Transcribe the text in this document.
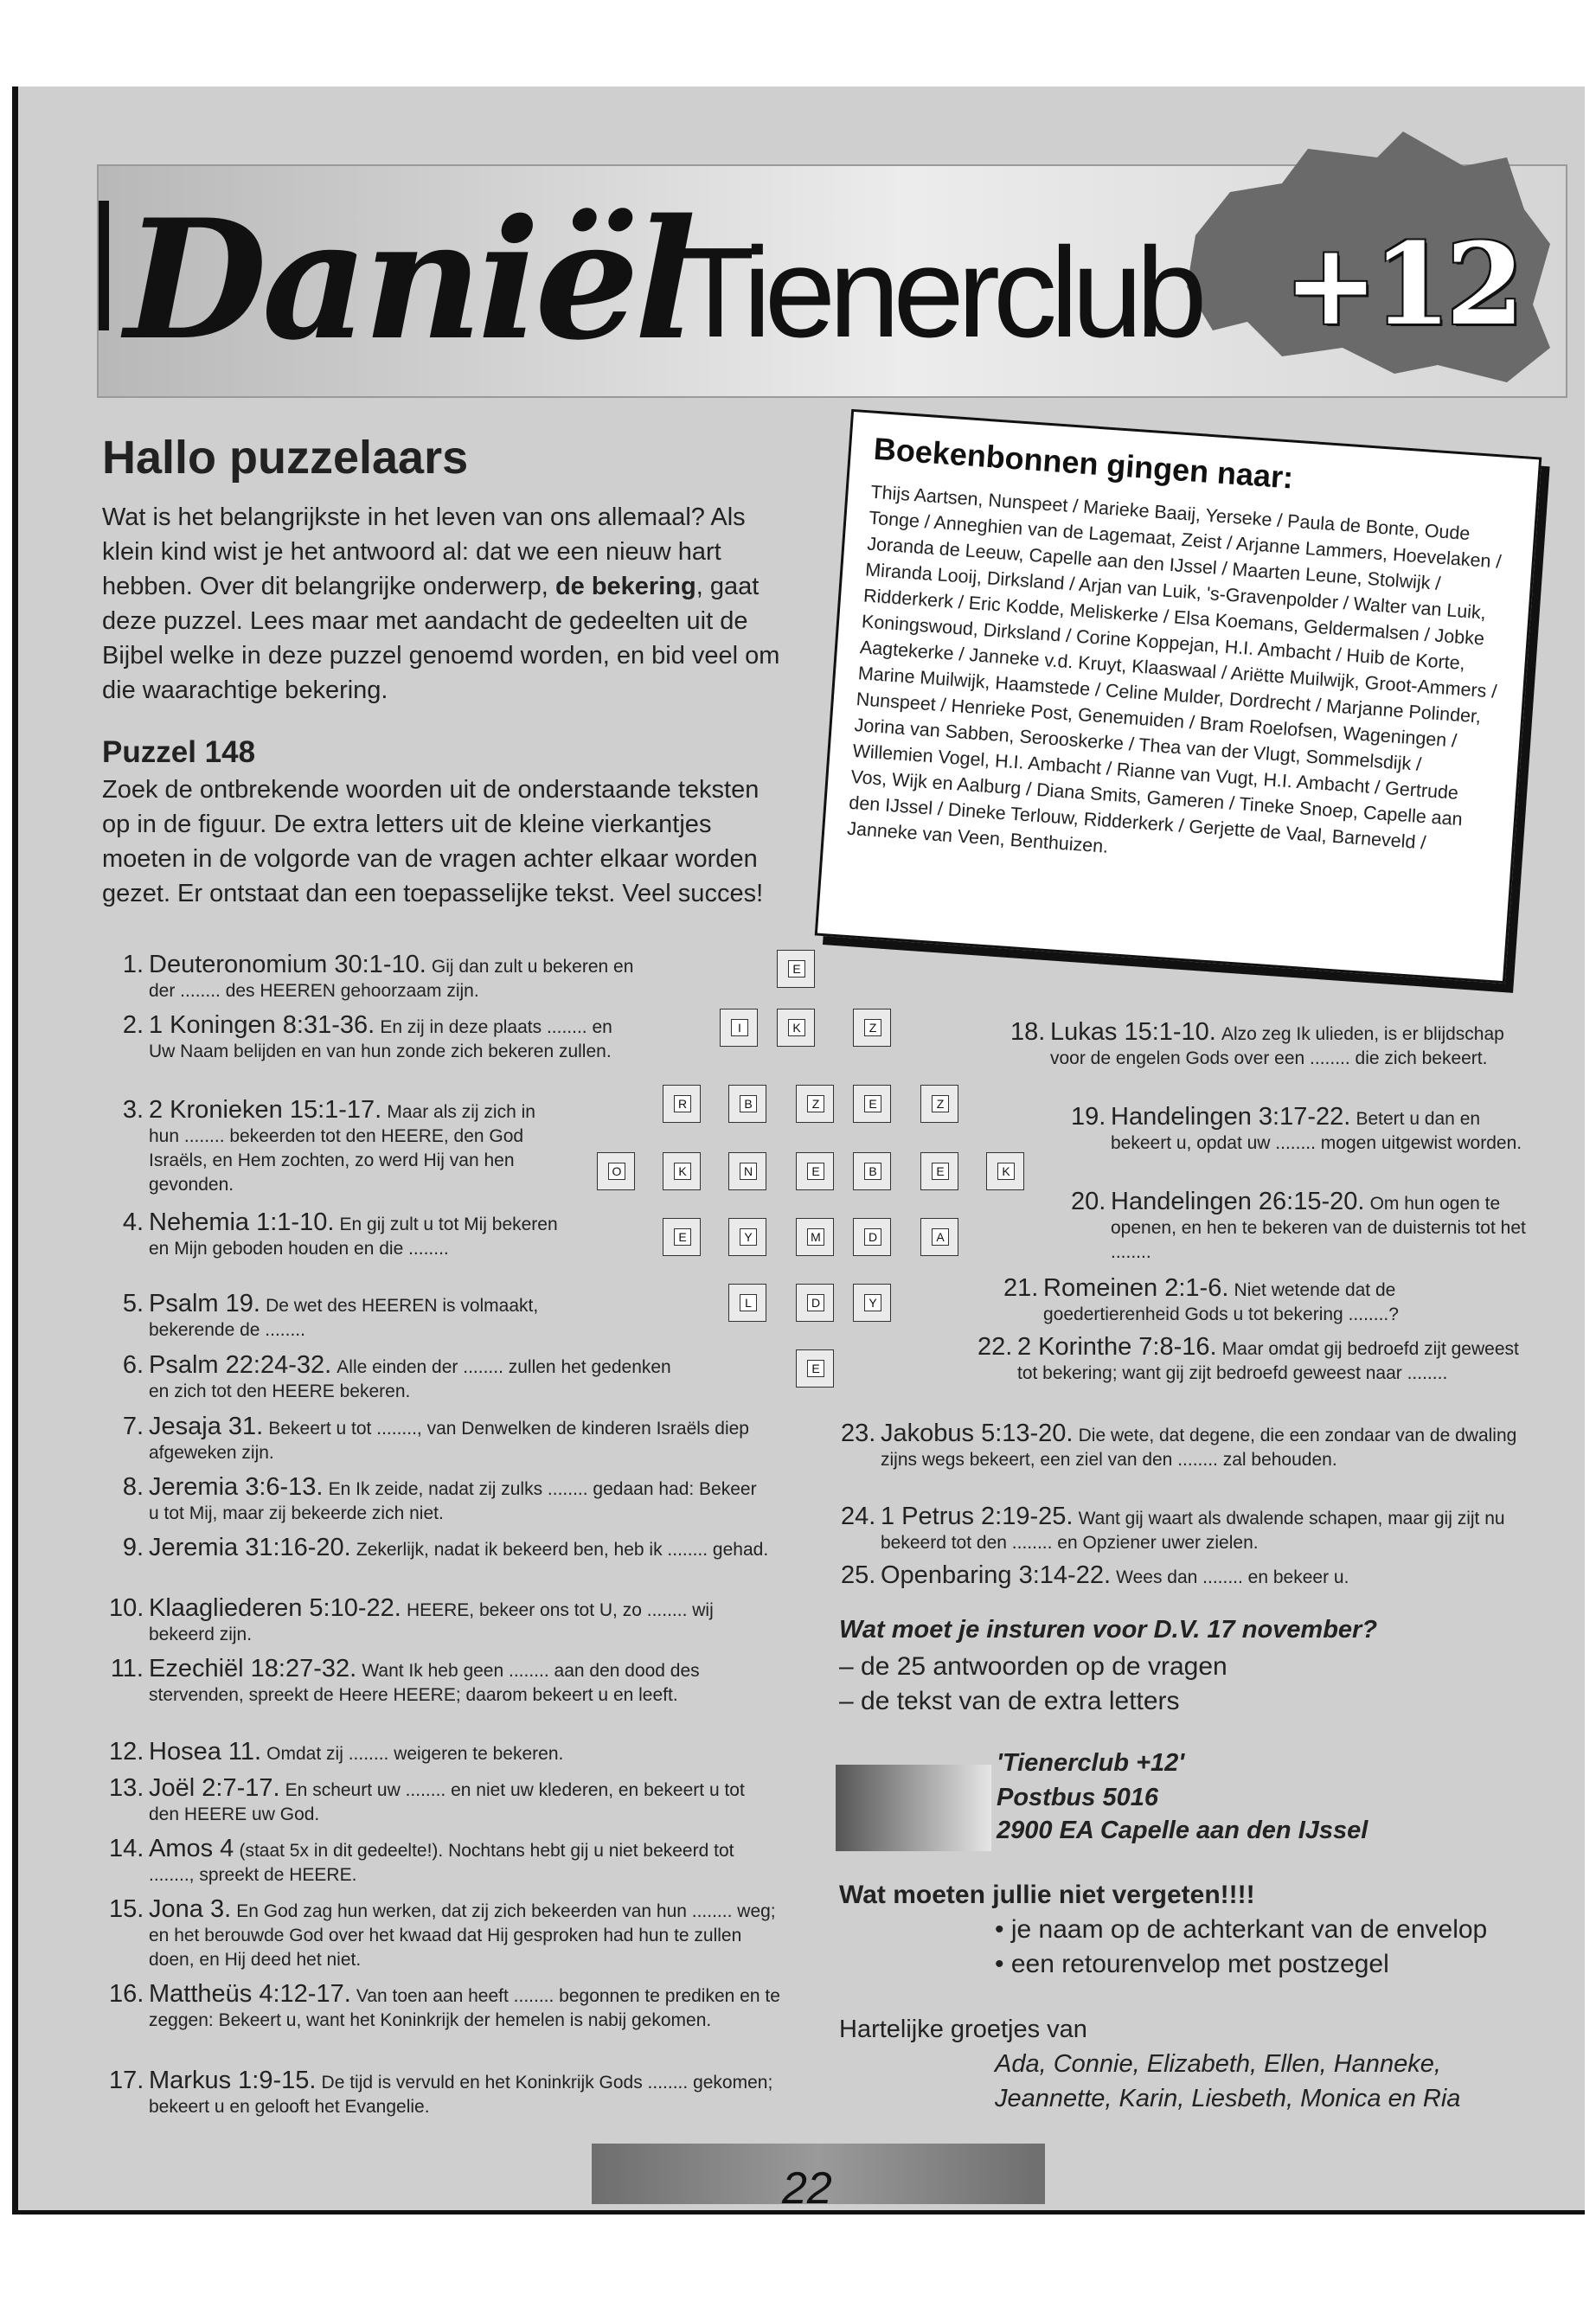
Daniël
Tienerclub +12
Hallo puzzelaars
Wat is het belangrijkste in het leven van ons allemaal? Als klein kind wist je het antwoord al: dat we een nieuw hart hebben. Over dit belangrijke onderwerp, de bekering, gaat deze puzzel. Lees maar met aandacht de gedeelten uit de Bijbel welke in deze puzzel genoemd worden, en bid veel om die waarachtige bekering.
Puzzel 148
Zoek de ontbrekende woorden uit de onderstaande teksten op in de figuur. De extra letters uit de kleine vierkantjes moeten in de volgorde van de vragen achter elkaar worden gezet. Er ontstaat dan een toepasselijke tekst. Veel succes!
Boekenbonnen gingen naar:
Thijs Aartsen, Nunspeet / Marieke Baaij, Yerseke / Paula de Bonte, Oude Tonge / Anneghien van de Lagemaat, Zeist / Arjanne Lammers, Hoevelaken / Joranda de Leeuw, Capelle aan den IJssel / Maarten Leune, Stolwijk / Miranda Looij, Dirksland / Arjan van Luik, 's-Gravenpolder / Walter van Luik, Ridderkerk / Eric Kodde, Meliskerke / Elsa Koemans, Geldermalsen / Jobke Koningswoud, Dirksland / Corine Koppejan, H.I. Ambacht / Huib de Korte, Aagtekerke / Janneke v.d. Kruyt, Klaaswaal / Ariëtte Muilwijk, Groot-Ammers / Marine Muilwijk, Haamstede / Celine Mulder, Dordrecht / Marjanne Polinder, Nunspeet / Henrieke Post, Genemuiden / Bram Roelofsen, Wageningen / Jorina van Sabben, Serooskerke / Thea van der Vlugt, Sommelsdijk / Willemien Vogel, H.I. Ambacht / Rianne van Vugt, H.I. Ambacht / Gertrude Vos, Wijk en Aalburg / Diana Smits, Gameren / Tineke Snoep, Capelle aan den IJssel / Dineke Terlouw, Ridderkerk / Gerjette de Vaal, Barneveld / Janneke van Veen, Benthuizen.
1. Deuteronomium 30:1-10. Gij dan zult u bekeren en der ........ des HEEREN gehoorzaam zijn.
2. 1 Koningen 8:31-36. En zij in deze plaats ........ en Uw Naam belijden en van hun zonde zich bekeren zullen.
3. 2 Kronieken 15:1-17. Maar als zij zich in hun ........ bekeerden tot den HEERE, den God Israëls, en Hem zochten, zo werd Hij van hen gevonden.
4. Nehemia 1:1-10. En gij zult u tot Mij bekeren en Mijn geboden houden en die ........
5. Psalm 19. De wet des HEEREN is volmaakt, bekerende de ........
6. Psalm 22:24-32. Alle einden der ........ zullen het gedenken en zich tot den HEERE bekeren.
7. Jesaja 31. Bekeert u tot ........, van Denwelken de kinderen Israëls diep afgeweken zijn.
8. Jeremia 3:6-13. En Ik zeide, nadat zij zulks ........ gedaan had: Bekeer u tot Mij, maar zij bekeerde zich niet.
9. Jeremia 31:16-20. Zekerlijk, nadat ik bekeerd ben, heb ik ........ gehad.
10. Klaagliederen 5:10-22. HEERE, bekeer ons tot U, zo ........ wij bekeerd zijn.
11. Ezechiël 18:27-32. Want Ik heb geen ........ aan den dood des stervenden, spreekt de Heere HEERE; daarom bekeert u en leeft.
12. Hosea 11. Omdat zij ........ weigeren te bekeren.
13. Joël 2:7-17. En scheurt uw ........ en niet uw klederen, en bekeert u tot den HEERE uw God.
14. Amos 4 (staat 5x in dit gedeelte!). Nochtans hebt gij u niet bekeerd tot ........, spreekt de HEERE.
15. Jona 3. En God zag hun werken, dat zij zich bekeerden van hun ........ weg; en het berouwde God over het kwaad dat Hij gesproken had hun te zullen doen, en Hij deed het niet.
16. Mattheüs 4:12-17. Van toen aan heeft ........ begonnen te prediken en te zeggen: Bekeert u, want het Koninkrijk der hemelen is nabij gekomen.
17. Markus 1:9-15. De tijd is vervuld en het Koninkrijk Gods ........ gekomen; bekeert u en gelooft het Evangelie.
18. Lukas 15:1-10. Alzo zeg Ik ulieden, is er blijdschap voor de engelen Gods over een ........ die zich bekeert.
19. Handelingen 3:17-22. Betert u dan en bekeert u, opdat uw ........ mogen uitgewist worden.
20. Handelingen 26:15-20. Om hun ogen te openen, en hen te bekeren van de duisternis tot het ........
21. Romeinen 2:1-6. Niet wetende dat de goedertierenheid Gods u tot bekering ........?
22. 2 Korinthe 7:8-16. Maar omdat gij bedroefd zijt geweest tot bekering; want gij zijt bedroefd geweest naar ........
23. Jakobus 5:13-20. Die wete, dat degene, die een zondaar van de dwaling zijns wegs bekeert, een ziel van den ........ zal behouden.
24. 1 Petrus 2:19-25. Want gij waart als dwalende schapen, maar gij zijt nu bekeerd tot den ........ en Opziener uwer zielen.
25. Openbaring 3:14-22. Wees dan ........ en bekeer u.
E
I	K	Z
R	B	Z	E	Z
O	K	N	E	B	E	K
E	Y	M	D	A
L	D	Y
E
Wat moet je insturen voor D.V. 17 november?
– de 25 antwoorden op de vragen
– de tekst van de extra letters
'Tienerclub +12'
Postbus 5016
2900 EA Capelle aan den IJssel
Wat moeten jullie niet vergeten!!!!
• je naam op de achterkant van de envelop
• een retourenvelop met postzegel
Hartelijke groetjes van
Ada, Connie, Elizabeth, Ellen, Hanneke,
Jeannette, Karin, Liesbeth, Monica en Ria
22
